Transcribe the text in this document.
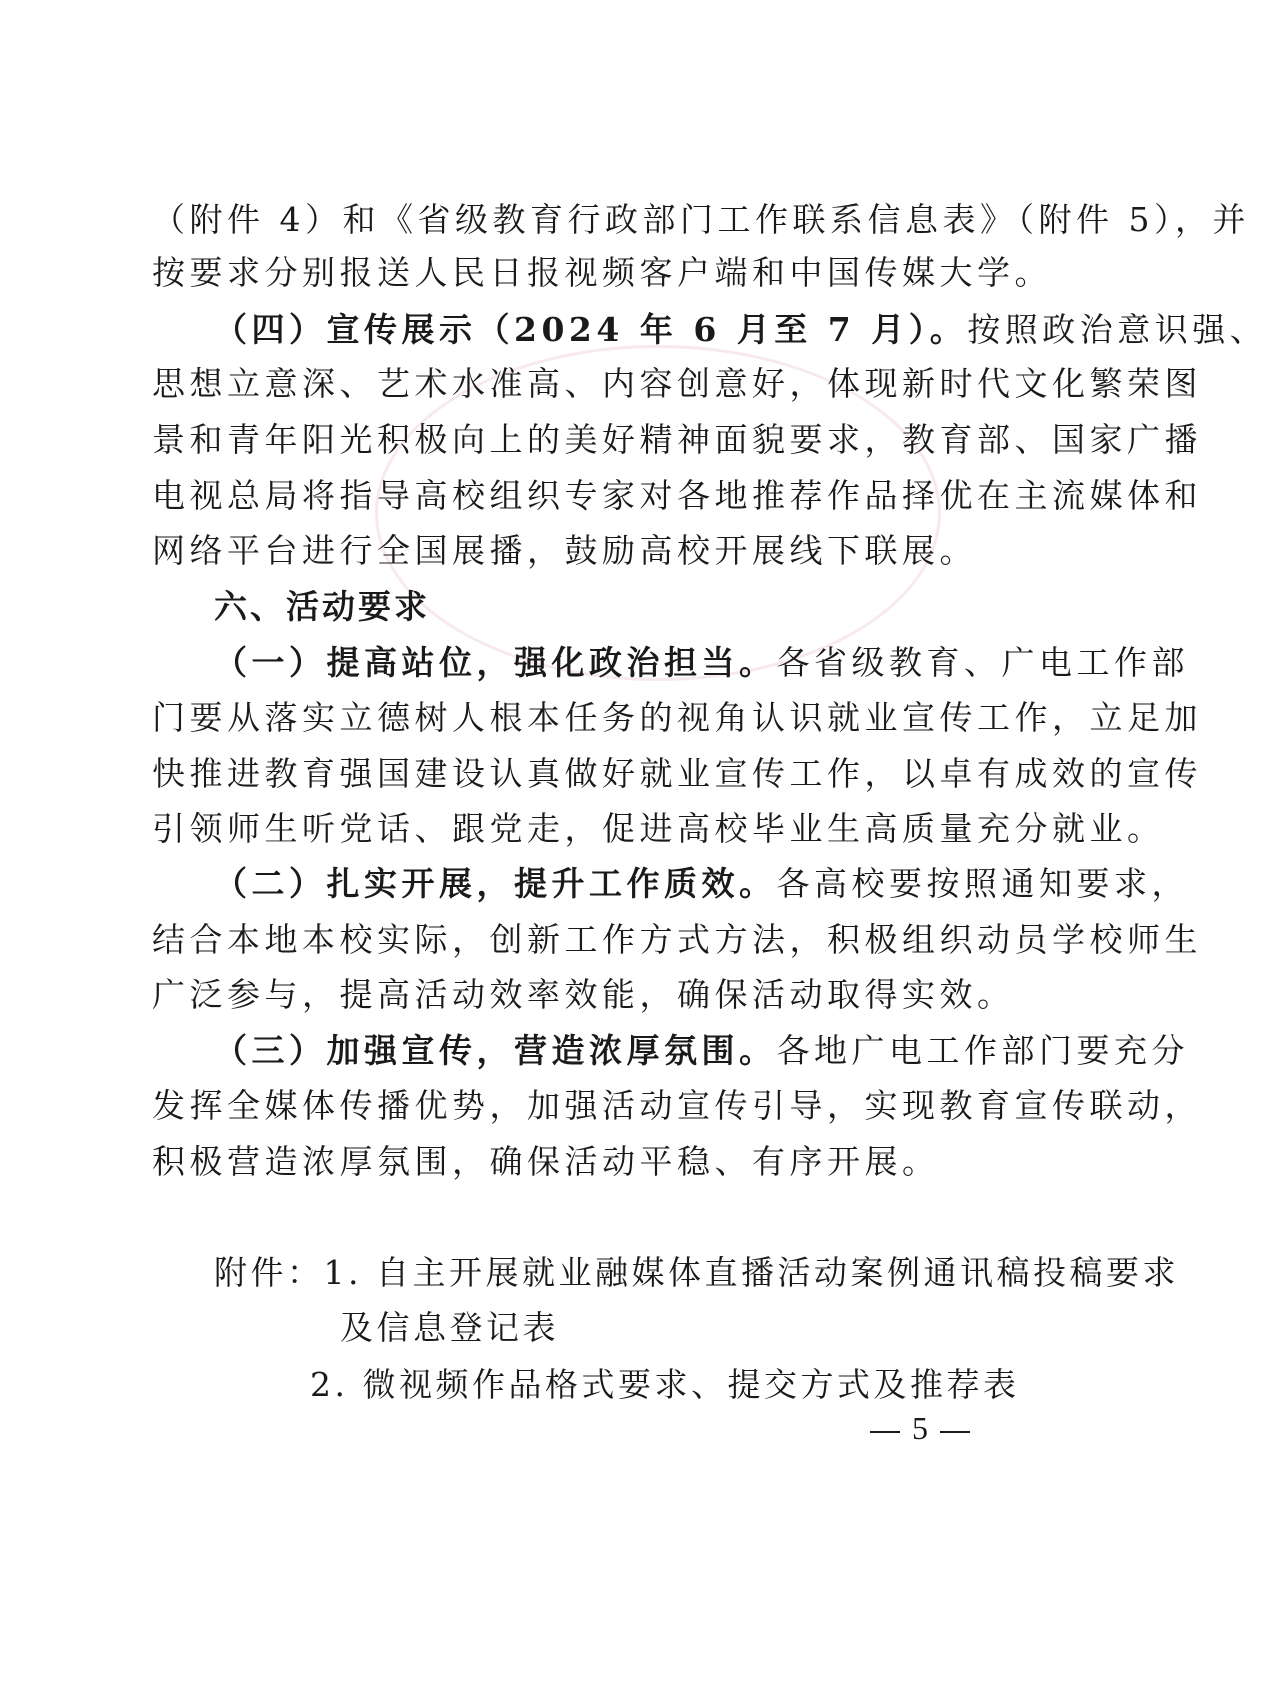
（附件 4）和《省级教育行政部门工作联系信息表》（附件 5），并
按要求分别报送人民日报视频客户端和中国传媒大学。
（四）宣传展示（2024 年 6 月至 7 月）。按照政治意识强、
思想立意深、艺术水准高、内容创意好，体现新时代文化繁荣图
景和青年阳光积极向上的美好精神面貌要求，教育部、国家广播
电视总局将指导高校组织专家对各地推荐作品择优在主流媒体和
网络平台进行全国展播，鼓励高校开展线下联展。
六、活动要求
（一）提高站位，强化政治担当。各省级教育、广电工作部
门要从落实立德树人根本任务的视角认识就业宣传工作，立足加
快推进教育强国建设认真做好就业宣传工作，以卓有成效的宣传
引领师生听党话、跟党走，促进高校毕业生高质量充分就业。
（二）扎实开展，提升工作质效。各高校要按照通知要求，
结合本地本校实际，创新工作方式方法，积极组织动员学校师生
广泛参与，提高活动效率效能，确保活动取得实效。
（三）加强宣传，营造浓厚氛围。各地广电工作部门要充分
发挥全媒体传播优势，加强活动宣传引导，实现教育宣传联动，
积极营造浓厚氛围，确保活动平稳、有序开展。
附件：1. 自主开展就业融媒体直播活动案例通讯稿投稿要求
及信息登记表
2. 微视频作品格式要求、提交方式及推荐表
5
